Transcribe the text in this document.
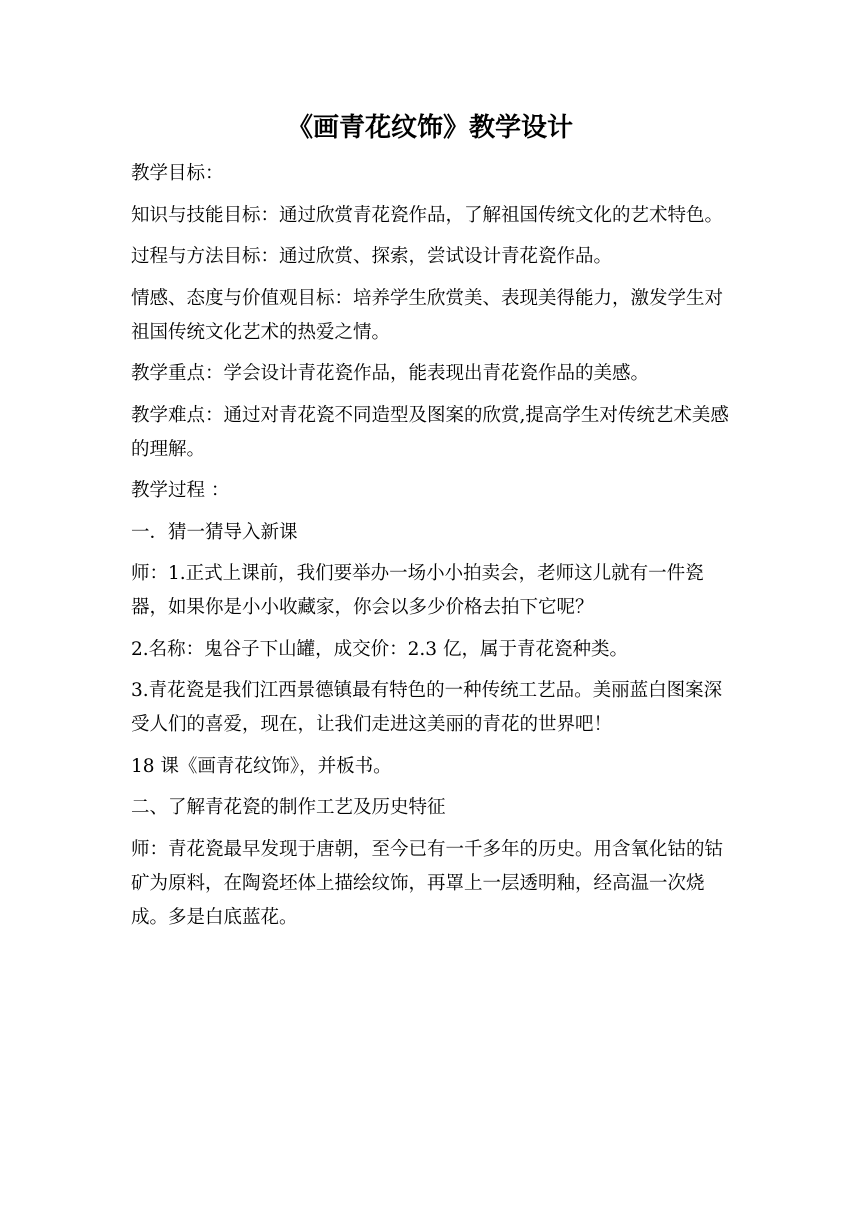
《画青花纹饰》教学设计

教学目标：

知识与技能目标：通过欣赏青花瓷作品，了解祖国传统文化的艺术特色。

过程与方法目标：通过欣赏、探索，尝试设计青花瓷作品。

情感、态度与价值观目标：培养学生欣赏美、表现美得能力，激发学生对祖国传统文化艺术的热爱之情。

教学重点：学会设计青花瓷作品，能表现出青花瓷作品的美感。

教学难点：通过对青花瓷不同造型及图案的欣赏,提高学生对传统艺术美感的理解。

教学过程 ：

一．猜一猜导入新课

师：1.正式上课前，我们要举办一场小小拍卖会，老师这儿就有一件瓷器，如果你是小小收藏家，你会以多少价格去拍下它呢？

2.名称：鬼谷子下山罐，成交价：2.3 亿，属于青花瓷种类。

3.青花瓷是我们江西景德镇最有特色的一种传统工艺品。美丽蓝白图案深受人们的喜爱，现在，让我们走进这美丽的青花的世界吧！

18 课《画青花纹饰》，并板书。

二、了解青花瓷的制作工艺及历史特征

师：青花瓷最早发现于唐朝，至今已有一千多年的历史。用含氧化钴的钴矿为原料，在陶瓷坯体上描绘纹饰，再罩上一层透明釉，经高温一次烧成。多是白底蓝花。
